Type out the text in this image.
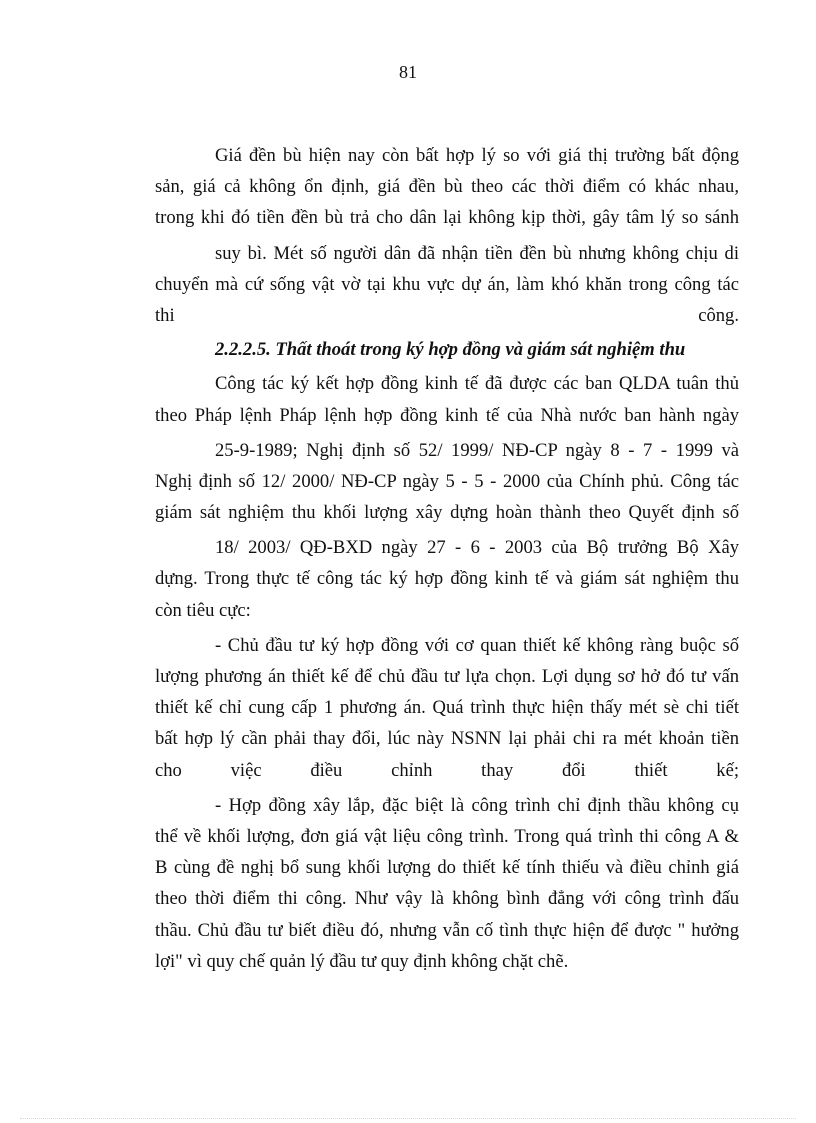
81
Giá đền bù hiện nay còn bất hợp lý so với giá thị trường bất động
sản, giá cả không ổn định, giá đền bù theo các thời điểm có khác nhau,
trong khi đó tiền đền bù trả cho dân lại không kịp thời, gây tâm lý so sánh
suy bì. Mét số người dân đã nhận tiền đền bù nhưng không chịu di
chuyển mà cứ sống vật vờ tại khu vực dự án, làm khó khăn trong công tác
thi công.
2.2.2.5. Thất thoát trong ký hợp đồng và giám sát nghiệm thu
Công tác ký kết hợp đồng kinh tế đã được các ban QLDA tuân thủ
theo Pháp lệnh Pháp lệnh hợp đồng kinh tế của Nhà nước ban hành ngày
25-9-1989; Nghị định số 52/ 1999/ NĐ-CP ngày 8 - 7 - 1999 và
Nghị định số 12/ 2000/ NĐ-CP ngày 5 - 5 - 2000 của Chính phủ. Công tác
giám sát nghiệm thu khối lượng xây dựng hoàn thành theo Quyết định số
18/ 2003/ QĐ-BXD ngày 27 - 6 - 2003 của Bộ trưởng Bộ Xây
dựng. Trong thực tế công tác ký hợp đồng kinh tế và giám sát nghiệm thu
còn tiêu cực:
- Chủ đầu tư ký hợp đồng với cơ quan thiết kế không ràng buộc số
lượng phương án thiết kế để chủ đầu tư lựa chọn. Lợi dụng sơ hở đó tư vấn
thiết kế chỉ cung cấp 1 phương án. Quá trình thực hiện thấy mét sè chi tiết
bất hợp lý cần phải thay đổi, lúc này NSNN lại phải chi ra mét khoản tiền
cho việc điều chỉnh thay đổi thiết kế;
- Hợp đồng xây lắp, đặc biệt là công trình chỉ định thầu không cụ
thể về khối lượng, đơn giá vật liệu công trình. Trong quá trình thi công A &
B cùng đề nghị bổ sung khối lượng do thiết kế tính thiếu và điều chỉnh giá
theo thời điểm thi công. Như vậy là không bình đẳng với công trình đấu
thầu. Chủ đầu tư biết điều đó, nhưng vẫn cố tình thực hiện để được " hưởng
lợi" vì quy chế quản lý đầu tư quy định không chặt chẽ.
